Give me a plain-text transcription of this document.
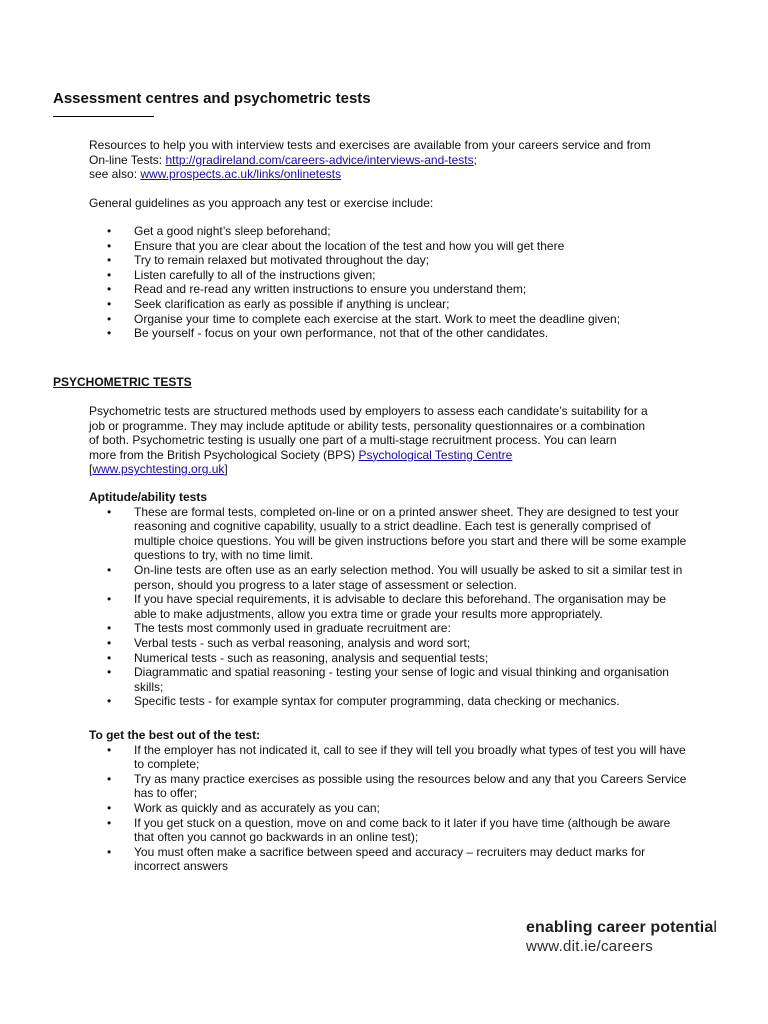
Assessment centres and psychometric tests

Resources to help you with interview tests and exercises are available from your careers service and from

On-line Tests: http://gradireland.com/careers-advice/interviews-and-tests;

see also: www.prospects.ac.uk/links/onlinetests

General guidelines as you approach any test or exercise include:

• Get a good night’s sleep beforehand;
• Ensure that you are clear about the location of the test and how you will get there
• Try to remain relaxed but motivated throughout the day;
• Listen carefully to all of the instructions given;
• Read and re-read any written instructions to ensure you understand them;
• Seek clarification as early as possible if anything is unclear;
• Organise your time to complete each exercise at the start. Work to meet the deadline given;
• Be yourself - focus on your own performance, not that of the other candidates.

PSYCHOMETRIC TESTS

Psychometric tests are structured methods used by employers to assess each candidate’s suitability for a

job or programme. They may include aptitude or ability tests, personality questionnaires or a combination

of both. Psychometric testing is usually one part of a multi-stage recruitment process. You can learn

more from the British Psychological Society (BPS) Psychological Testing Centre

[www.psychtesting.org.uk]

Aptitude/ability tests

• These are formal tests, completed on-line or on a printed answer sheet. They are designed to test your reasoning and cognitive capability, usually to a strict deadline. Each test is generally comprised of multiple choice questions. You will be given instructions before you start and there will be some example questions to try, with no time limit.
• On-line tests are often use as an early selection method. You will usually be asked to sit a similar test in person, should you progress to a later stage of assessment or selection.
• If you have special requirements, it is advisable to declare this beforehand. The organisation may be able to make adjustments, allow you extra time or grade your results more appropriately.
• The tests most commonly used in graduate recruitment are:
• Verbal tests - such as verbal reasoning, analysis and word sort;
• Numerical tests - such as reasoning, analysis and sequential tests;
• Diagrammatic and spatial reasoning - testing your sense of logic and visual thinking and organisation skills;
• Specific tests - for example syntax for computer programming, data checking or mechanics.

To get the best out of the test:

• If the employer has not indicated it, call to see if they will tell you broadly what types of test you will have to complete;
• Try as many practice exercises as possible using the resources below and any that you Careers Service has to offer;
• Work as quickly and as accurately as you can;
• If you get stuck on a question, move on and come back to it later if you have time (although be aware that often you cannot go backwards in an online test);
• You must often make a sacrifice between speed and accuracy – recruiters may deduct marks for incorrect answers
enabling career potential
www.dit.ie/careers
